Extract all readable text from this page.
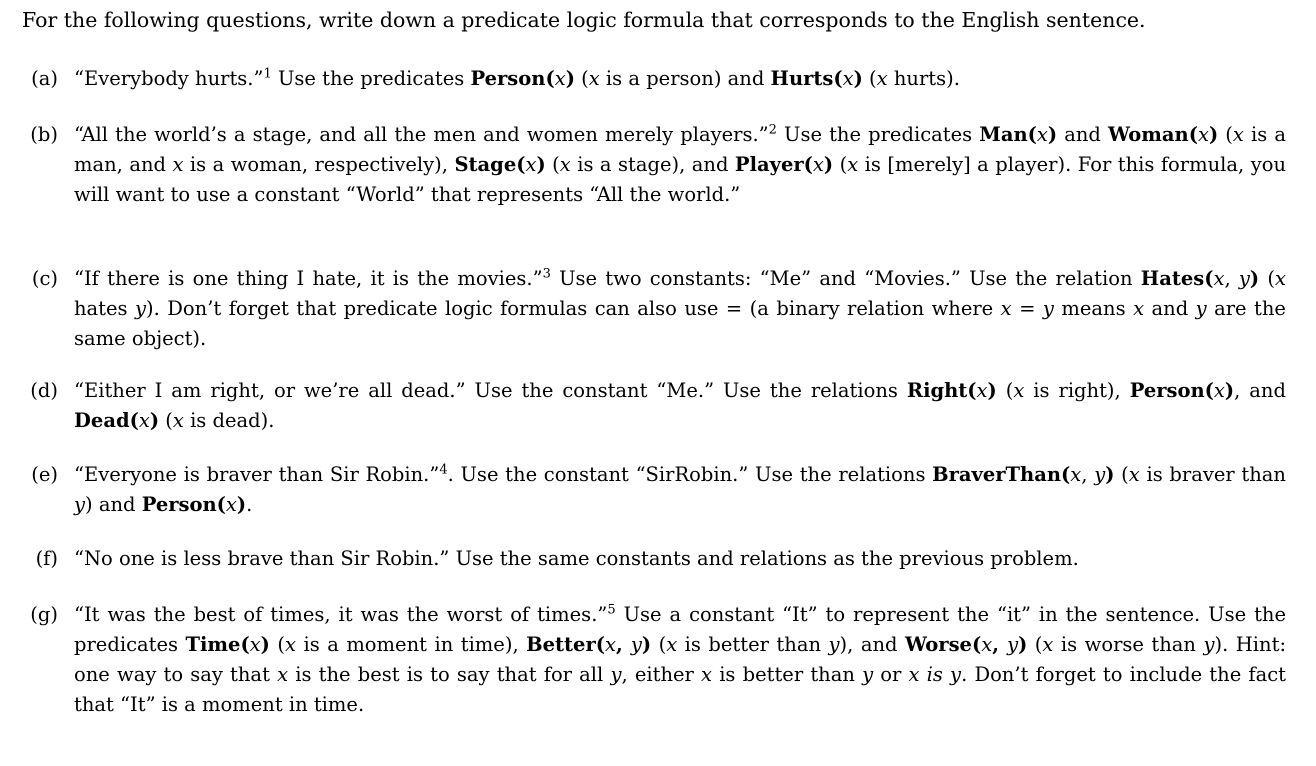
For the following questions, write down a predicate logic formula that corresponds to the English sentence.
(a) “Everybody hurts.”$^1$ Use the predicates Person(x) (x is a person) and Hurts(x) (x hurts).
(b) “All the world’s a stage, and all the men and women merely players.”$^2$ Use the predicates Man(x) and Woman(x) (x is a man, and x is a woman, respectively), Stage(x) (x is a stage), and Player(x) (x is [merely] a player). For this formula, you will want to use a constant “World” that represents “All the world.”
(c) “If there is one thing I hate, it is the movies.”$^3$ Use two constants: “Me” and “Movies.” Use the relation Hates(x, y) (x hates y). Don’t forget that predicate logic formulas can also use = (a binary relation where x = y means x and y are the same object).
(d) “Either I am right, or we’re all dead.” Use the constant “Me.” Use the relations Right(x) (x is right), Person(x), and Dead(x) (x is dead).
(e) “Everyone is braver than Sir Robin.”$^4$. Use the constant “SirRobin.” Use the relations BraverThan(x, y) (x is braver than y) and Person(x).
(f) “No one is less brave than Sir Robin.” Use the same constants and relations as the previous problem.
(g) “It was the best of times, it was the worst of times.”$^5$ Use a constant “It” to represent the “it” in the sentence. Use the predicates Time(x) (x is a moment in time), Better(x, y) (x is better than y), and Worse(x, y) (x is worse than y). Hint: one way to say that x is the best is to say that for all y, either x is better than y or x is y. Don’t forget to include the fact that “It” is a moment in time.
